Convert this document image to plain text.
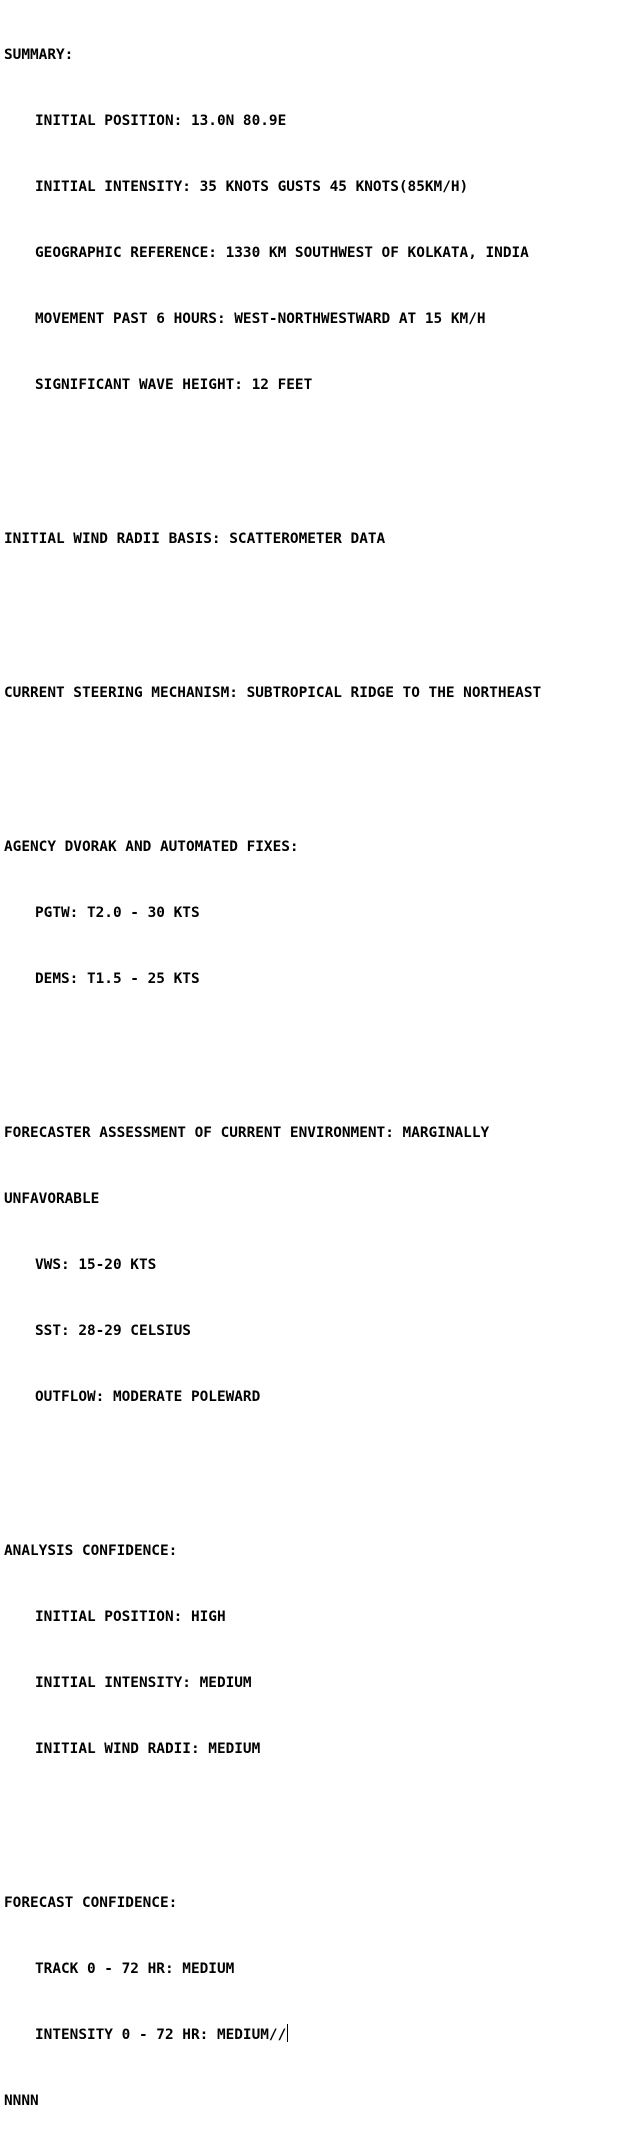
SUMMARY:

INITIAL POSITION: 13.0N 80.9E

INITIAL INTENSITY: 35 KNOTS GUSTS 45 KNOTS(85KM/H)

GEOGRAPHIC REFERENCE: 1330 KM SOUTHWEST OF KOLKATA, INDIA

MOVEMENT PAST 6 HOURS: WEST-NORTHWESTWARD AT 15 KM/H

SIGNIFICANT WAVE HEIGHT: 12 FEET

INITIAL WIND RADII BASIS: SCATTEROMETER DATA

CURRENT STEERING MECHANISM: SUBTROPICAL RIDGE TO THE NORTHEAST

AGENCY DVORAK AND AUTOMATED FIXES:

PGTW: T2.0 - 30 KTS

DEMS: T1.5 - 25 KTS

FORECASTER ASSESSMENT OF CURRENT ENVIRONMENT: MARGINALLY

UNFAVORABLE

VWS: 15-20 KTS

SST: 28-29 CELSIUS

OUTFLOW: MODERATE POLEWARD

ANALYSIS CONFIDENCE:

INITIAL POSITION: HIGH

INITIAL INTENSITY: MEDIUM

INITIAL WIND RADII: MEDIUM

FORECAST CONFIDENCE:

TRACK 0 - 72 HR: MEDIUM

INTENSITY 0 - 72 HR: MEDIUM//

NNNN
